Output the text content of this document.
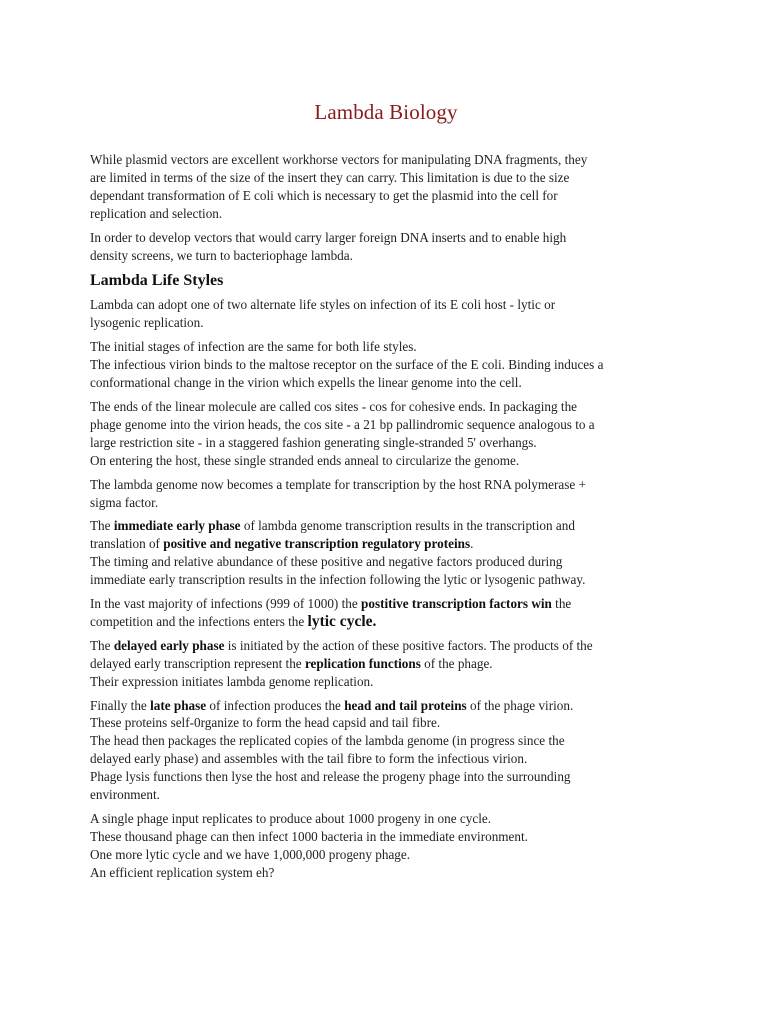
Lambda Biology

While plasmid vectors are excellent workhorse vectors for manipulating DNA fragments, they
are limited in terms of the size of the insert they can carry. This limitation is due to the size
dependant transformation of E coli which is necessary to get the plasmid into the cell for
replication and selection.

In order to develop vectors that would carry larger foreign DNA inserts and to enable high
density screens, we turn to bacteriophage lambda.

Lambda Life Styles

Lambda can adopt one of two alternate life styles on infection of its E coli host - lytic or
lysogenic replication.

The initial stages of infection are the same for both life styles.
The infectious virion binds to the maltose receptor on the surface of the E coli. Binding induces a
conformational change in the virion which expells the linear genome into the cell.

The ends of the linear molecule are called cos sites - cos for cohesive ends. In packaging the
phage genome into the virion heads, the cos site - a 21 bp pallindromic sequence analogous to a
large restriction site - in a staggered fashion generating single-stranded 5' overhangs.
On entering the host, these single stranded ends anneal to circularize the genome.

The lambda genome now becomes a template for transcription by the host RNA polymerase +
sigma factor.

The immediate early phase of lambda genome transcription results in the transcription and
translation of positive and negative transcription regulatory proteins.
The timing and relative abundance of these positive and negative factors produced during
immediate early transcription results in the infection following the lytic or lysogenic pathway.

In the vast majority of infections (999 of 1000) the postitive transcription factors win the
competition and the infections enters the lytic cycle.

The delayed early phase is initiated by the action of these positive factors. The products of the
delayed early transcription represent the replication functions of the phage.
Their expression initiates lambda genome replication.

Finally the late phase of infection produces the head and tail proteins of the phage virion.
These proteins self-0rganize to form the head capsid and tail fibre.
The head then packages the replicated copies of the lambda genome (in progress since the
delayed early phase) and assembles with the tail fibre to form the infectious virion.
Phage lysis functions then lyse the host and release the progeny phage into the surrounding
environment.

A single phage input replicates to produce about 1000 progeny in one cycle.
These thousand phage can then infect 1000 bacteria in the immediate environment.
One more lytic cycle and we have 1,000,000 progeny phage.
An efficient replication system eh?
